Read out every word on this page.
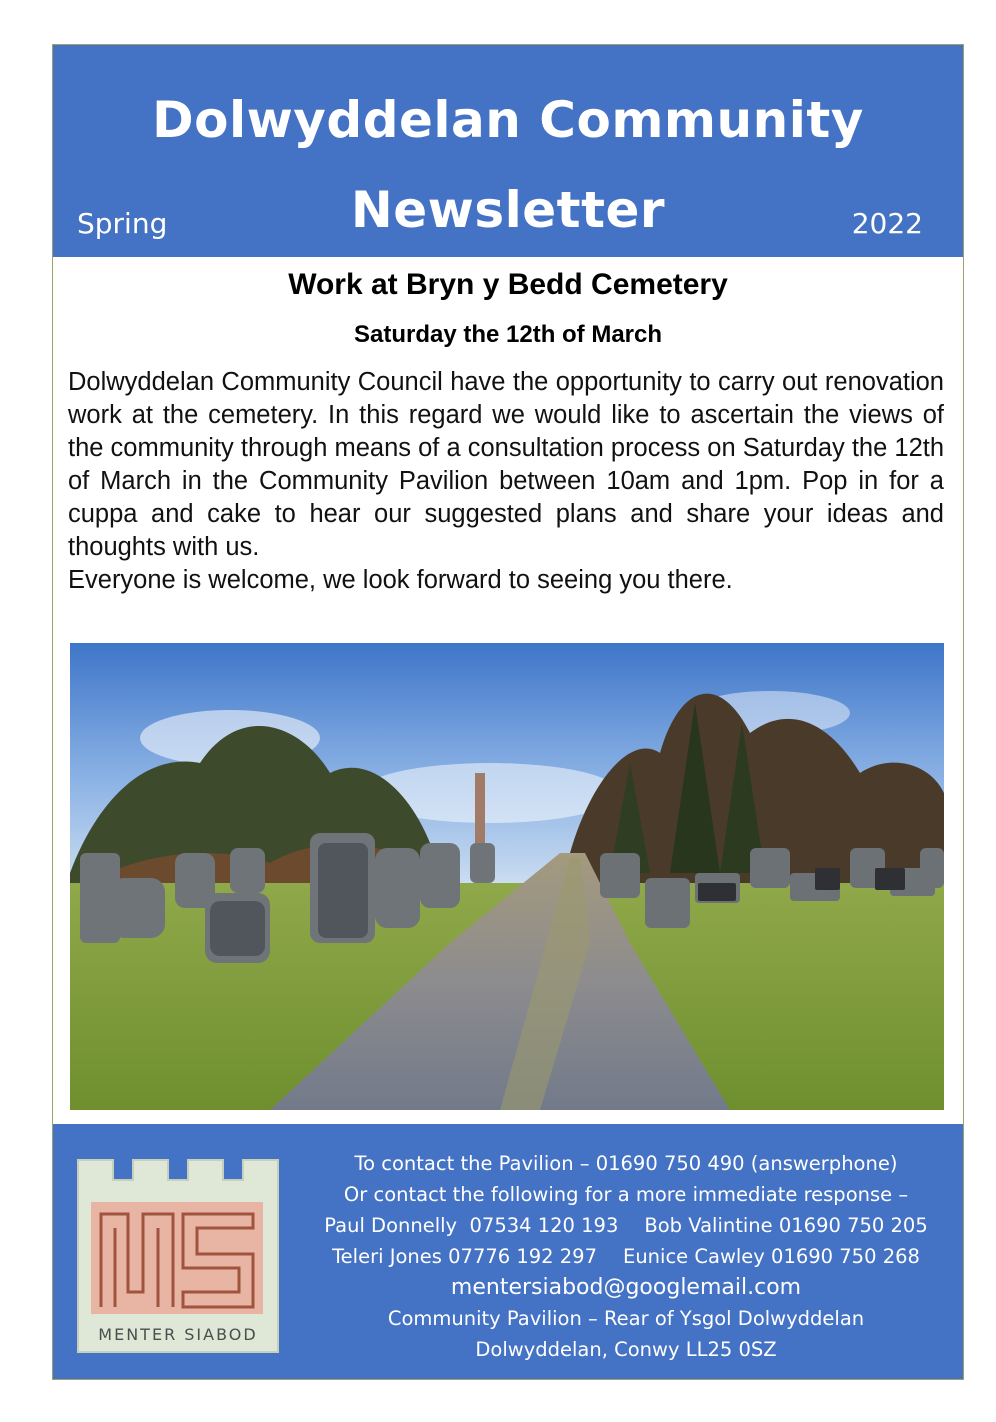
Dolwyddelan Community Newsletter
Spring	2022
Work at Bryn y Bedd Cemetery
Saturday the 12th of March

Dolwyddelan Community Council have the opportunity to carry out renovation work at the cemetery. In this regard we would like to ascertain the views of the community through means of a consultation process on Saturday the 12th of March in the Community Pavilion between 10am and 1pm. Pop in for a cuppa and cake to hear our suggested plans and share your ideas and thoughts with us.

Everyone is welcome, we look forward to seeing you there.

MENTER SIABOD
To contact the Pavilion – 01690 750 490 (answerphone)
Or contact the following for a more immediate response –
Paul Donnelly 07534 120 193 Bob Valintine 01690 750 205
Teleri Jones 07776 192 297 Eunice Cawley 01690 750 268
mentersiabod@googlemail.com
Community Pavilion – Rear of Ysgol Dolwyddelan
Dolwyddelan, Conwy LL25 0SZ
